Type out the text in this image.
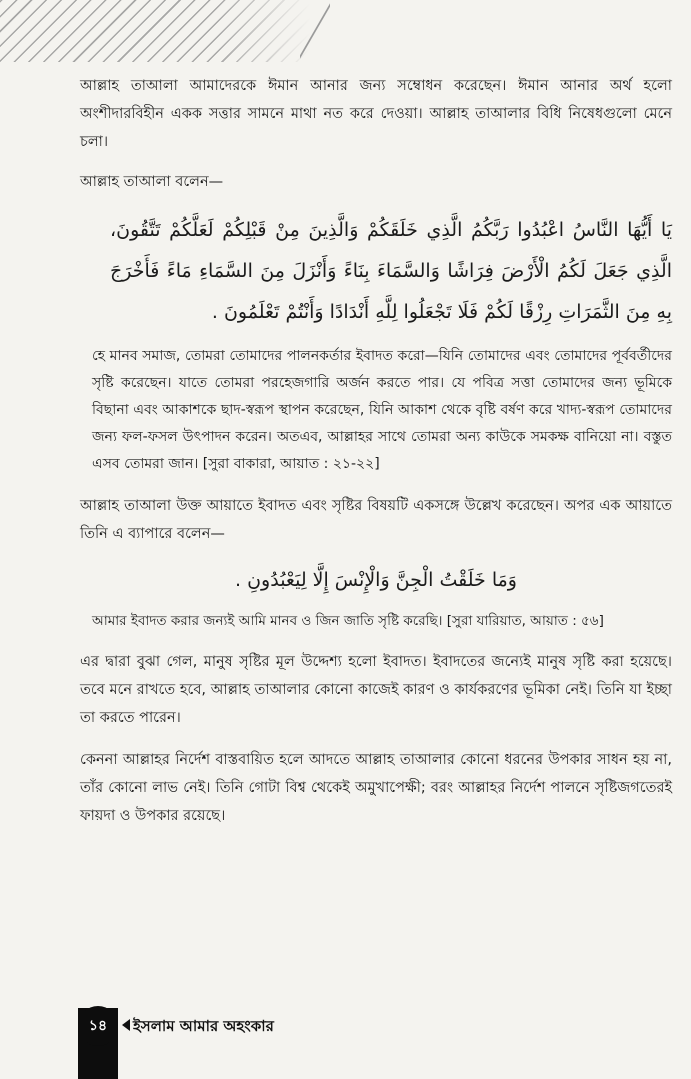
আল্লাহ তাআলা আমাদেরকে ঈমান আনার জন্য সম্বোধন করেছেন। ঈমান আনার অর্থ হলো অংশীদারবিহীন একক সত্তার সামনে মাথা নত করে দেওয়া। আল্লাহ তাআলার বিধি নিষেধগুলো মেনে চলা।

আল্লাহ তাআলা বলেন—

يَا أَيُّهَا النَّاسُ اعْبُدُوا رَبَّكُمُ الَّذِي خَلَقَكُمْ وَالَّذِينَ مِنْ قَبْلِكُمْ لَعَلَّكُمْ تَتَّقُونَ، الَّذِي جَعَلَ لَكُمُ الْأَرْضَ فِرَاشًا وَالسَّمَاءَ بِنَاءً وَأَنْزَلَ مِنَ السَّمَاءِ مَاءً فَأَخْرَجَ بِهِ مِنَ الثَّمَرَاتِ رِزْقًا لَكُمْ فَلَا تَجْعَلُوا لِلَّهِ أَنْدَادًا وَأَنْتُمْ تَعْلَمُونَ .

হে মানব সমাজ, তোমরা তোমাদের পালনকর্তার ইবাদত করো—যিনি তোমাদের এবং তোমাদের পূর্ববর্তীদের সৃষ্টি করেছেন। যাতে তোমরা পরহেজগারি অর্জন করতে পার। যে পবিত্র সত্তা তোমাদের জন্য ভূমিকে বিছানা এবং আকাশকে ছাদ-স্বরূপ স্থাপন করেছেন, যিনি আকাশ থেকে বৃষ্টি বর্ষণ করে খাদ্য-স্বরূপ তোমাদের জন্য ফল-ফসল উৎপাদন করেন। অতএব, আল্লাহর সাথে তোমরা অন্য কাউকে সমকক্ষ বানিয়ো না। বস্তুত এসব তোমরা জান। [সুরা বাকারা, আয়াত : ২১-২২]

আল্লাহ তাআলা উক্ত আয়াতে ইবাদত এবং সৃষ্টির বিষয়টি একসঙ্গে উল্লেখ করেছেন। অপর এক আয়াতে তিনি এ ব্যাপারে বলেন—

وَمَا خَلَقْتُ الْجِنَّ وَالْإِنْسَ إِلَّا لِيَعْبُدُونِ .

আমার ইবাদত করার জন্যই আমি মানব ও জিন জাতি সৃষ্টি করেছি। [সুরা যারিয়াত, আয়াত : ৫৬]

এর দ্বারা বুঝা গেল, মানুষ সৃষ্টির মূল উদ্দেশ্য হলো ইবাদত। ইবাদতের জন্যেই মানুষ সৃষ্টি করা হয়েছে। তবে মনে রাখতে হবে, আল্লাহ তাআলার কোনো কাজেই কারণ ও কার্যকরণের ভূমিকা নেই। তিনি যা ইচ্ছা তা করতে পারেন।

কেননা আল্লাহর নির্দেশ বাস্তবায়িত হলে আদতে আল্লাহ তাআলার কোনো ধরনের উপকার সাধন হয় না, তাঁর কোনো লাভ নেই। তিনি গোটা বিশ্ব থেকেই অমুখাপেক্ষী; বরং আল্লাহর নির্দেশ পালনে সৃষ্টিজগতেরই ফায়দা ও উপকার রয়েছে।

১৪	ইসলাম আমার অহংকার
